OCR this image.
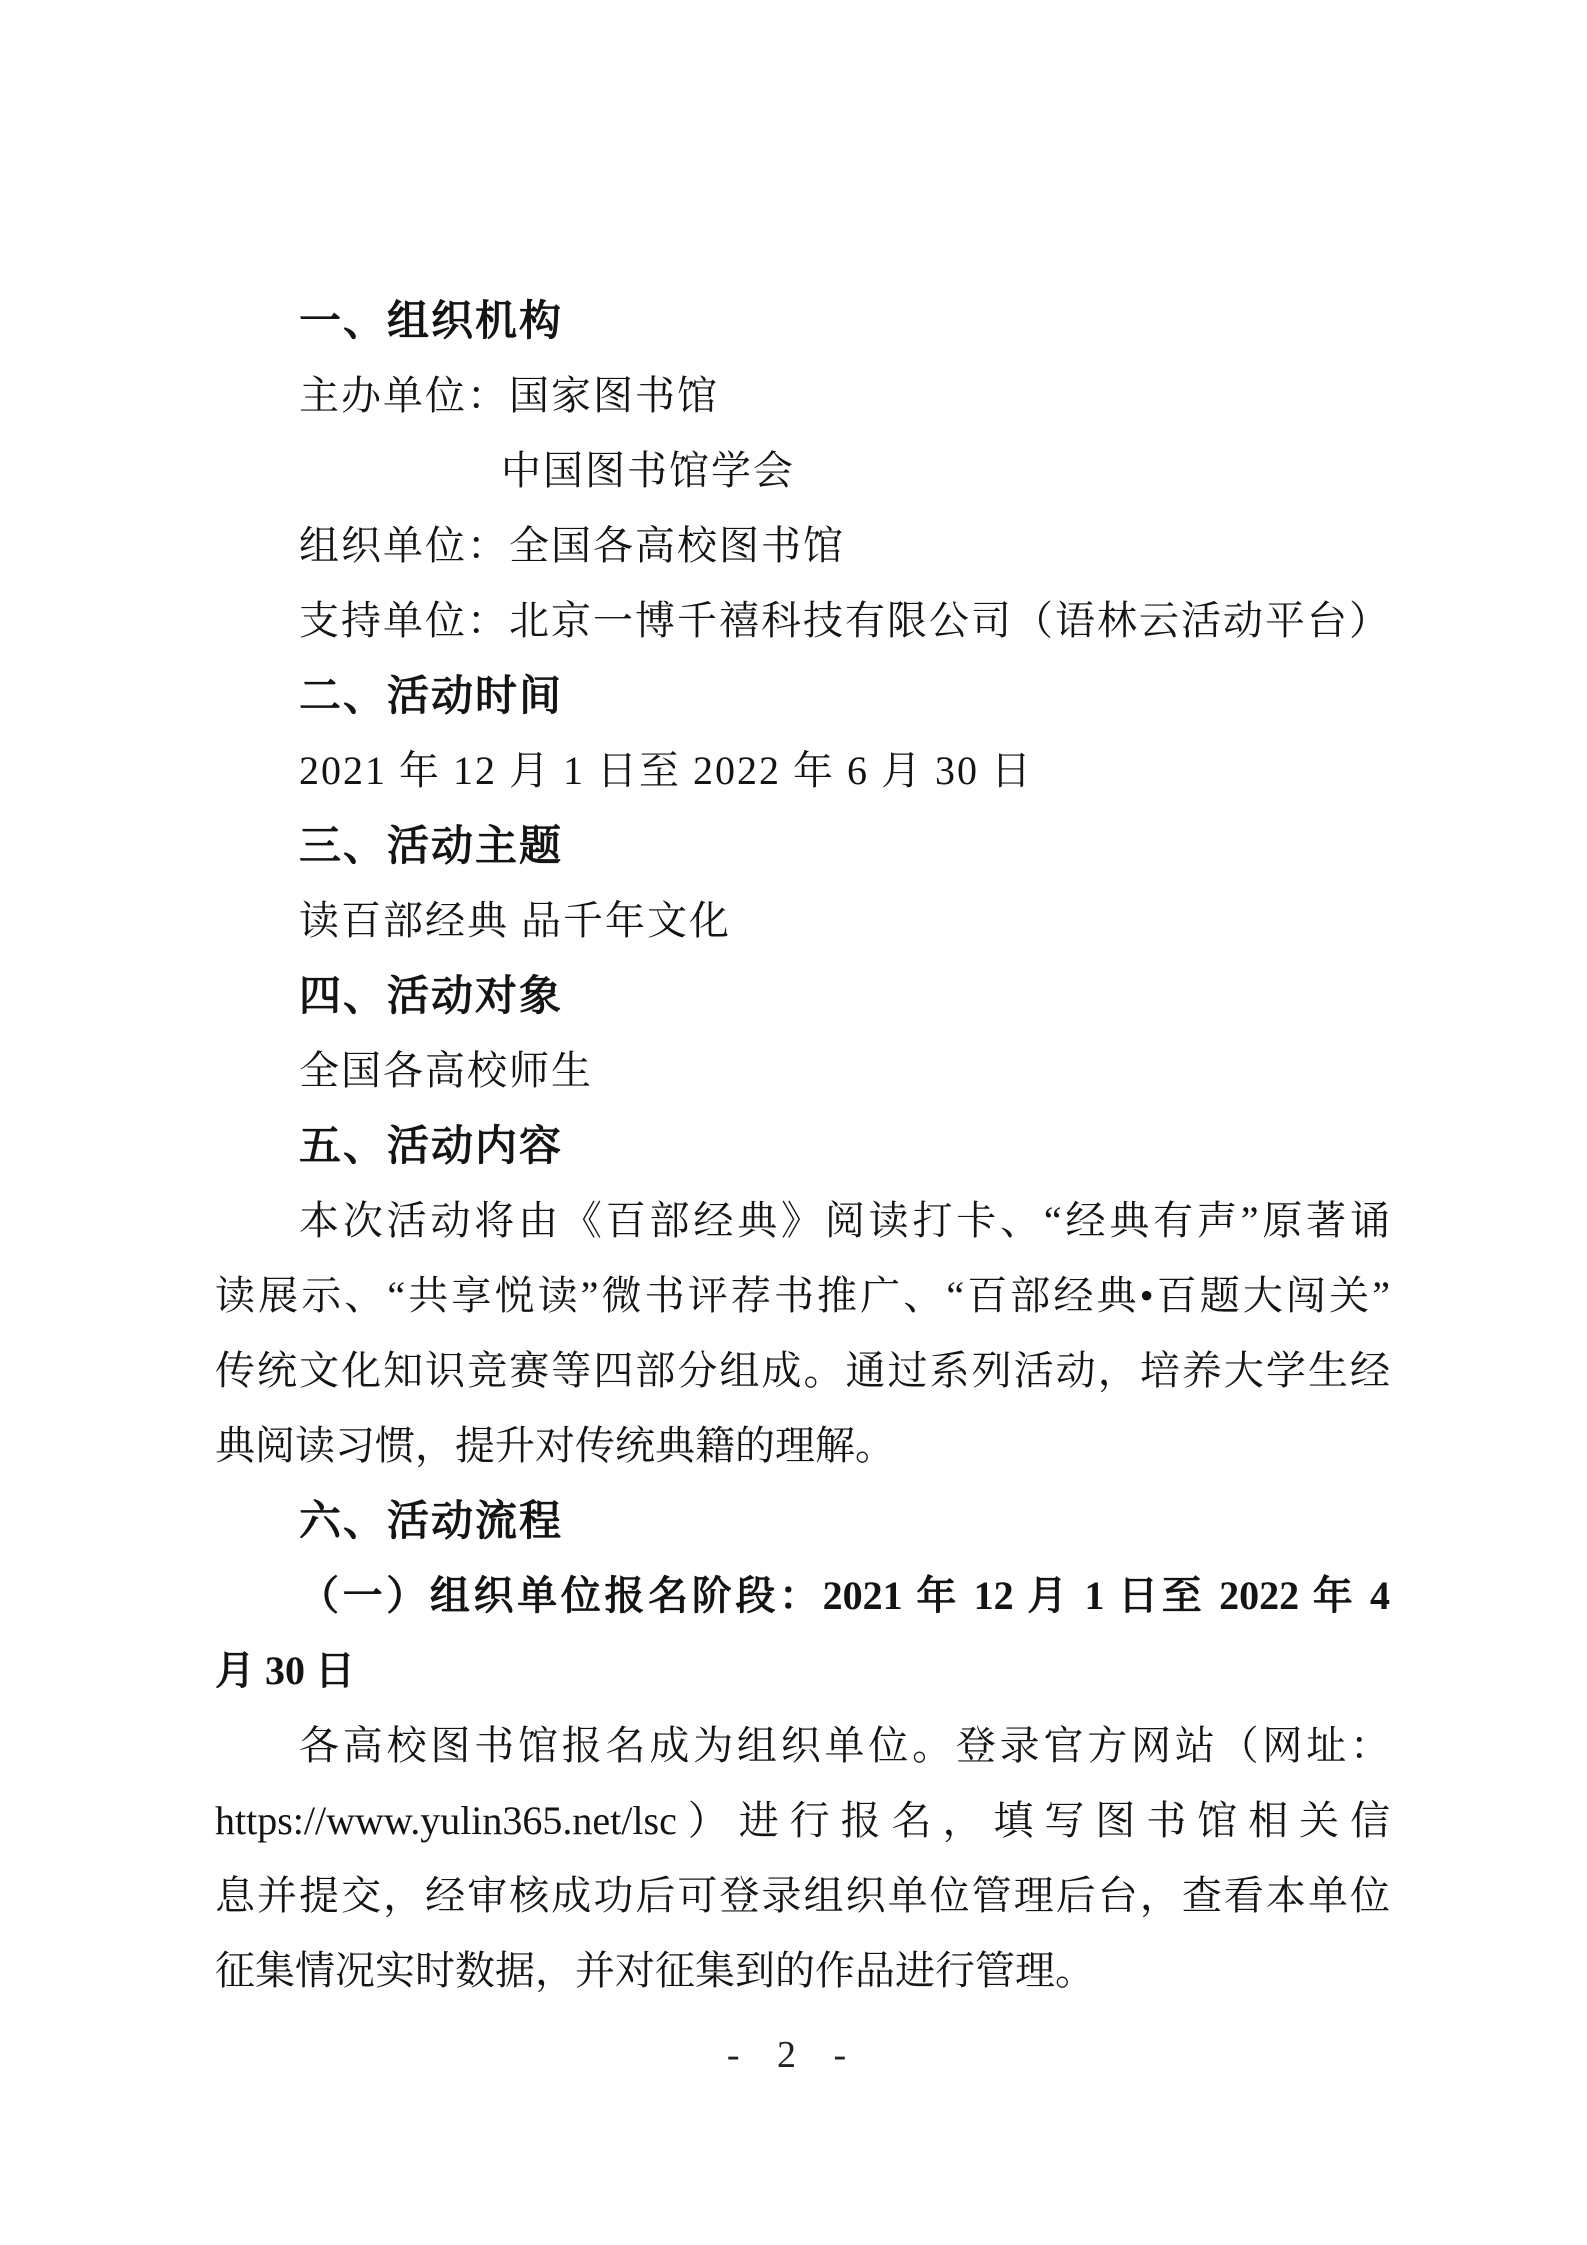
一、组织机构
主办单位：国家图书馆
中国图书馆学会
组织单位：全国各高校图书馆
支持单位：北京一博千禧科技有限公司（语林云活动平台）
二、活动时间
2021 年 12 月 1 日至 2022 年 6 月 30 日
三、活动主题
读百部经典 品千年文化
四、活动对象
全国各高校师生
五、活动内容
本次活动将由《百部经典》阅读打卡、“经典有声”原著诵
读展示、“共享悦读”微书评荐书推广、“百部经典•百题大闯关”
传统文化知识竞赛等四部分组成。通过系列活动，培养大学生经
典阅读习惯，提升对传统典籍的理解。
六、活动流程
（一）组织单位报名阶段：2021 年 12 月 1 日至 2022 年 4
月 30 日
各高校图书馆报名成为组织单位。登录官方网站（网址：
https://www.yulin365.net/lsc）进行报名，填写图书馆相关信
息并提交，经审核成功后可登录组织单位管理后台，查看本单位
征集情况实时数据，并对征集到的作品进行管理。
- 2 -
